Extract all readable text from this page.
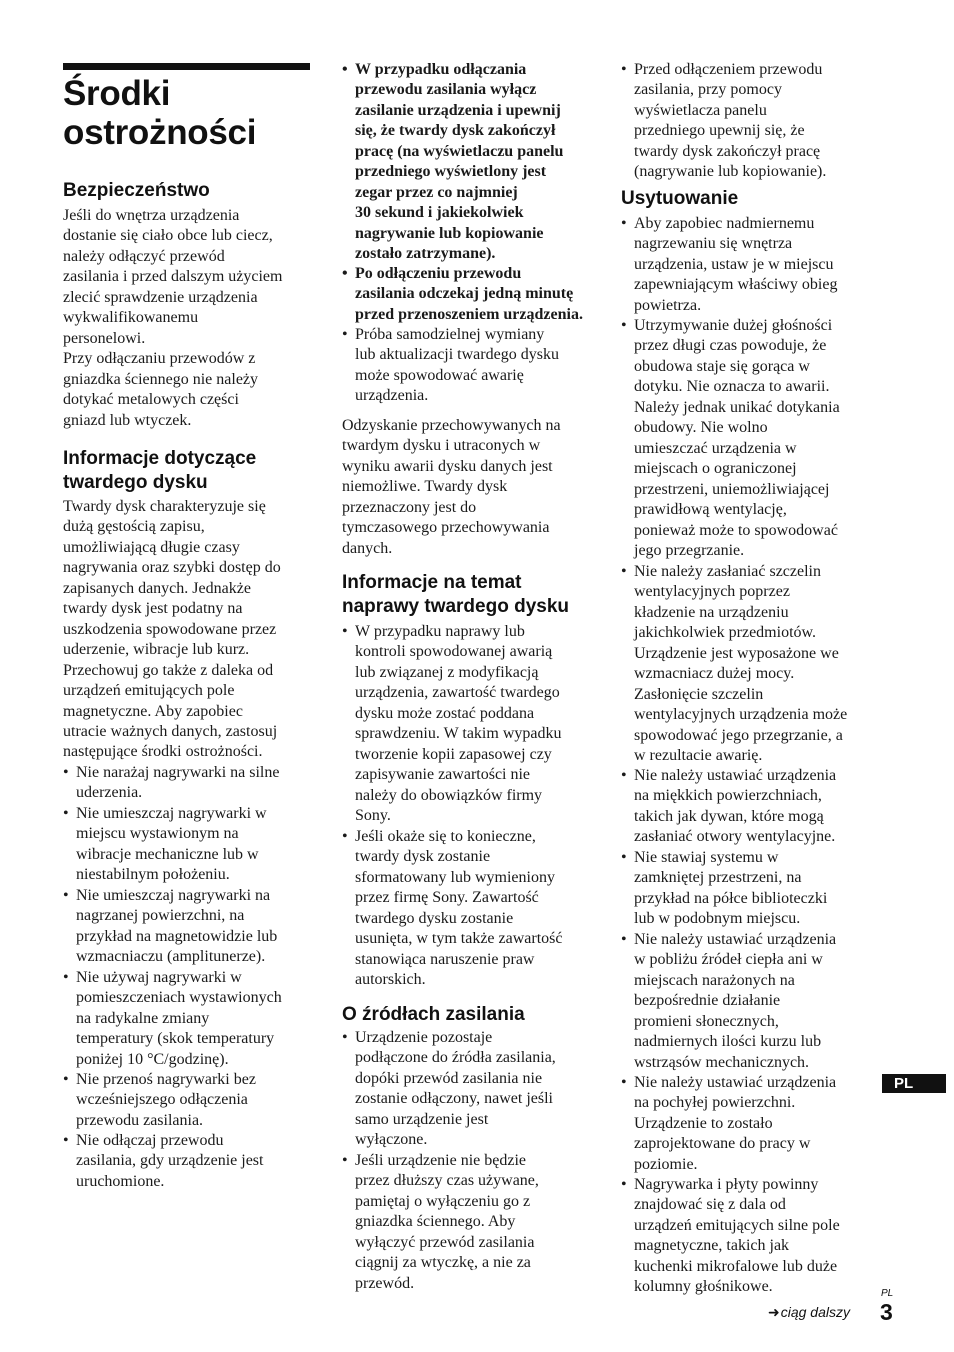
Środki
ostrożności
Bezpieczeństwo

Jeśli do wnętrza urządzenia
dostanie się ciało obce lub ciecz,
należy odłączyć przewód
zasilania i przed dalszym użyciem
zlecić sprawdzenie urządzenia
wykwalifikowanemu
personelowi.
Przy odłączaniu przewodów z
gniazdka ściennego nie należy
dotykać metalowych części
gniazd lub wtyczek.

Informacje dotyczące
twardego dysku

Twardy dysk charakteryzuje się
dużą gęstością zapisu,
umożliwiającą długie czasy
nagrywania oraz szybki dostęp do
zapisanych danych. Jednakże
twardy dysk jest podatny na
uszkodzenia spowodowane przez
uderzenie, wibracje lub kurz.
Przechowuj go także z daleka od
urządzeń emitujących pole
magnetyczne. Aby zapobiec
utracie ważnych danych, zastosuj
następujące środki ostrożności.

• Nie narażaj nagrywarki na silne
uderzenia.

• Nie umieszczaj nagrywarki w
miejscu wystawionym na
wibracje mechaniczne lub w
niestabilnym położeniu.

• Nie umieszczaj nagrywarki na
nagrzanej powierzchni, na
przykład na magnetowidzie lub
wzmacniaczu (amplitunerze).

• Nie używaj nagrywarki w
pomieszczeniach wystawionych
na radykalne zmiany
temperatury (skok temperatury
poniżej 10 °C/godzinę).

• Nie przenoś nagrywarki bez
wcześniejszego odłączenia
przewodu zasilania.

• Nie odłączaj przewodu
zasilania, gdy urządzenie jest
uruchomione.

• W przypadku odłączania
przewodu zasilania wyłącz
zasilanie urządzenia i upewnij
się, że twardy dysk zakończył
pracę (na wyświetlaczu panelu
przedniego wyświetlony jest
zegar przez co najmniej
30 sekund i jakiekolwiek
nagrywanie lub kopiowanie
zostało zatrzymane).

• Po odłączeniu przewodu
zasilania odczekaj jedną minutę
przed przenoszeniem urządzenia.

• Próba samodzielnej wymiany
lub aktualizacji twardego dysku
może spowodować awarię
urządzenia.

Odzyskanie przechowywanych na
twardym dysku i utraconych w
wyniku awarii dysku danych jest
niemożliwe. Twardy dysk
przeznaczony jest do
tymczasowego przechowywania
danych.

Informacje na temat
naprawy twardego dysku

• W przypadku naprawy lub
kontroli spowodowanej awarią
lub związanej z modyfikacją
urządzenia, zawartość twardego
dysku może zostać poddana
sprawdzeniu. W takim wypadku
tworzenie kopii zapasowej czy
zapisywanie zawartości nie
należy do obowiązków firmy
Sony.

• Jeśli okaże się to konieczne,
twardy dysk zostanie
sformatowany lub wymieniony
przez firmę Sony. Zawartość
twardego dysku zostanie
usunięta, w tym także zawartość
stanowiąca naruszenie praw
autorskich.

O źródłach zasilania

• Urządzenie pozostaje
podłączone do źródła zasilania,
dopóki przewód zasilania nie
zostanie odłączony, nawet jeśli
samo urządzenie jest
wyłączone.

• Jeśli urządzenie nie będzie
przez dłuższy czas używane,
pamiętaj o wyłączeniu go z
gniazdka ściennego. Aby
wyłączyć przewód zasilania
ciągnij za wtyczkę, a nie za
przewód.

• Przed odłączeniem przewodu
zasilania, przy pomocy
wyświetlacza panelu
przedniego upewnij się, że
twardy dysk zakończył pracę
(nagrywanie lub kopiowanie).

Usytuowanie

• Aby zapobiec nadmiernemu
nagrzewaniu się wnętrza
urządzenia, ustaw je w miejscu
zapewniającym właściwy obieg
powietrza.

• Utrzymywanie dużej głośności
przez długi czas powoduje, że
obudowa staje się gorąca w
dotyku. Nie oznacza to awarii.
Należy jednak unikać dotykania
obudowy. Nie wolno
umieszczać urządzenia w
miejscach o ograniczonej
przestrzeni, uniemożliwiającej
prawidłową wentylację,
ponieważ może to spowodować
jego przegrzanie.

• Nie należy zasłaniać szczelin
wentylacyjnych poprzez
kładzenie na urządzeniu
jakichkolwiek przedmiotów.
Urządzenie jest wyposażone we
wzmacniacz dużej mocy.
Zasłonięcie szczelin
wentylacyjnych urządzenia może
spowodować jego przegrzanie, a
w rezultacie awarię.

• Nie należy ustawiać urządzenia
na miękkich powierzchniach,
takich jak dywan, które mogą
zasłaniać otwory wentylacyjne.

• Nie stawiaj systemu w
zamkniętej przestrzeni, na
przykład na półce biblioteczki
lub w podobnym miejscu.

• Nie należy ustawiać urządzenia
w pobliżu źródeł ciepła ani w
miejscach narażonych na
bezpośrednie działanie
promieni słonecznych,
nadmiernych ilości kurzu lub
wstrząsów mechanicznych.

• Nie należy ustawiać urządzenia
na pochyłej powierzchni.
Urządzenie to zostało
zaprojektowane do pracy w
poziomie.

• Nagrywarka i płyty powinny
znajdować się z dala od
urządzeń emitujących silne pole
magnetyczne, takich jak
kuchenki mikrofalowe lub duże
kolumny głośnikowe.

PL
➜ciąg dalszy
PL
3
